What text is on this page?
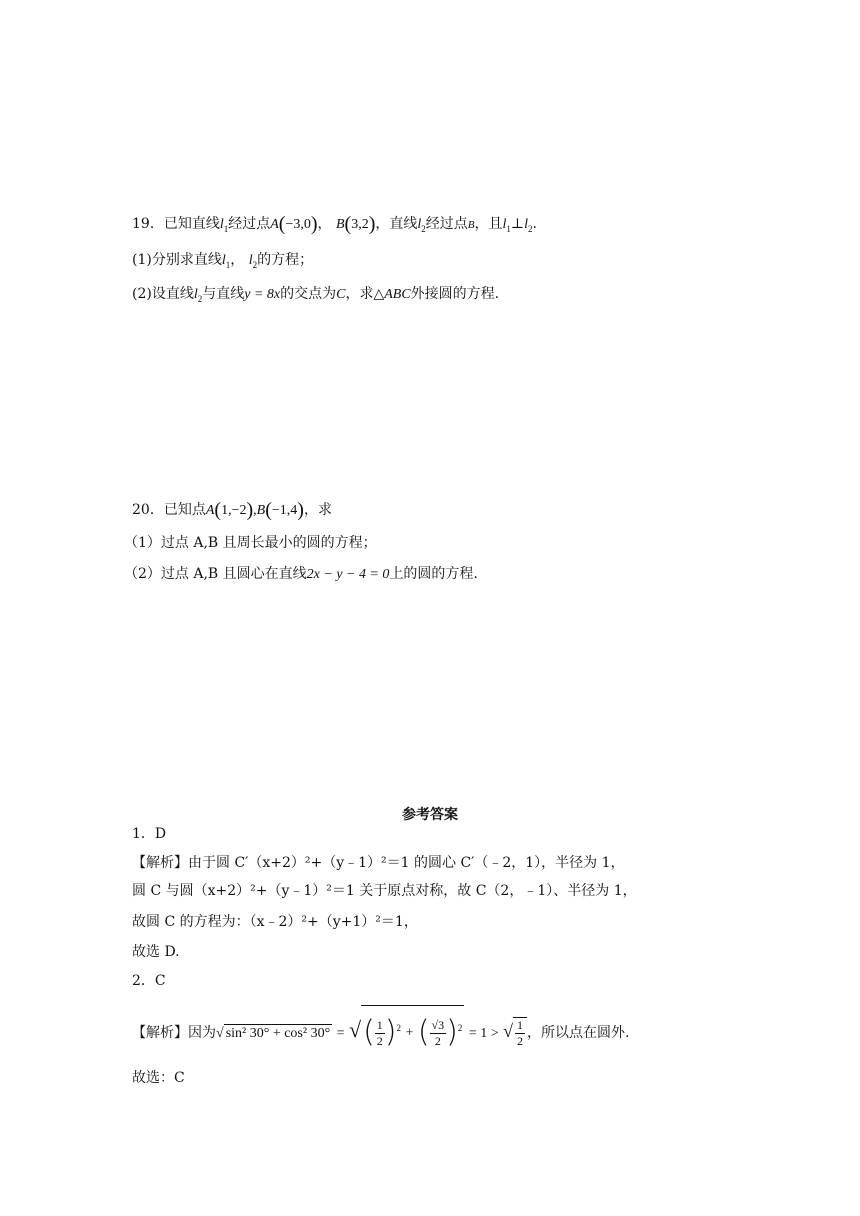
19．已知直线$l_1$经过点A(−3,0)， B(3,2)，直线$l_2$经过点B，且$l_1\perp l_2$.
(1)分别求直线$l_1$， $l_2$的方程；
(2)设直线$l_2$与直线y = 8x的交点为C，求△ABC外接圆的方程.
20．已知点A(1,−2),B(−1,4)，求
（1）过点 A,B 且周长最小的圆的方程；
（2）过点 A,B 且圆心在直线2x − y − 4 = 0上的圆的方程.
参考答案
1．D
【解析】由于圆 C′（x+2）²+（y﹣1）²＝1 的圆心 C′（﹣2，1），半径为 1，
圆 C 与圆（x+2）²+（y﹣1）²＝1 关于原点对称，故 C（2，﹣1）、半径为 1，
故圆 C 的方程为：（x﹣2）²+（y+1）²＝1，
故选 D.
2．C
【解析】因为√ sin² 30° + cos² 30° = √( $\frac{1}{2} )^2$ + ( $\frac{√3}{2} )^2 = 1$ > √ $\frac{1}{2}$ ，所以点在圆外.
故选：C
